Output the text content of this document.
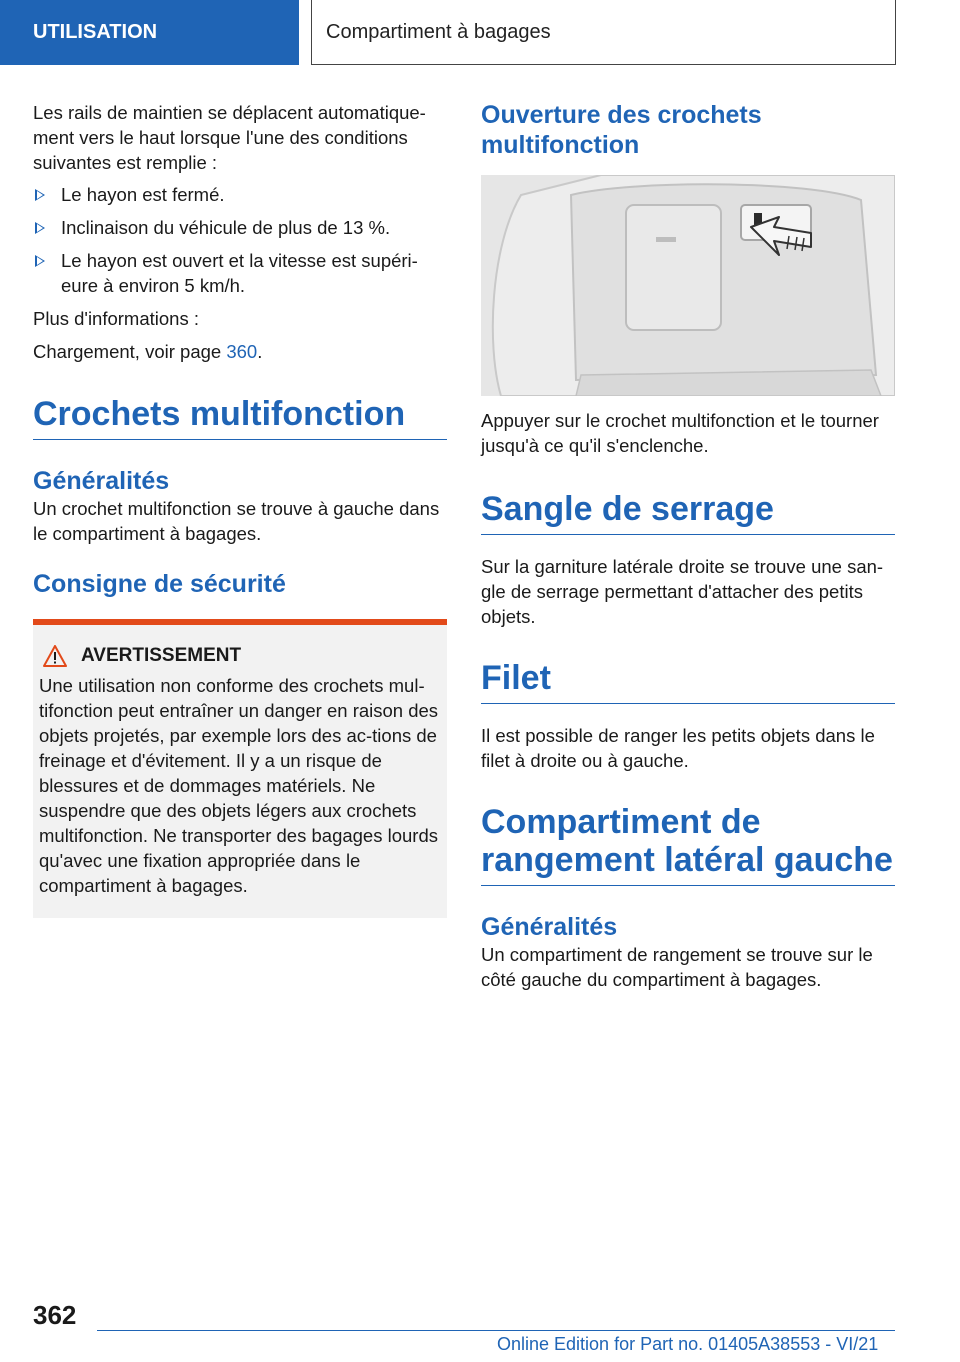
UTILISATION	Compartiment à bagages

Les rails de maintien se déplacent automatique-ment vers le haut lorsque l'une des conditions suivantes est remplie :

Le hayon est fermé.
Inclinaison du véhicule de plus de 13 %.
Le hayon est ouvert et la vitesse est supéri-eure à environ 5 km/h.

Plus d'informations :

Chargement, voir page 360.

Crochets multifonction
Généralités

Un crochet multifonction se trouve à gauche dans le compartiment à bagages.

Consigne de sécurité
AVERTISSEMENT

Une utilisation non conforme des crochets mul-tifonction peut entraîner un danger en raison des objets projetés, par exemple lors des ac-tions de freinage et d'évitement. Il y a un risque de blessures et de dommages matériels. Ne suspendre que des objets légers aux crochets multifonction. Ne transporter des bagages lourds qu'avec une fixation appropriée dans le compartiment à bagages.

Ouverture des crochets multifonction

Appuyer sur le crochet multifonction et le tourner jusqu'à ce qu'il s'enclenche.

Sangle de serrage

Sur la garniture latérale droite se trouve une san-gle de serrage permettant d'attacher des petits objets.

Filet

Il est possible de ranger les petits objets dans le filet à droite ou à gauche.

Compartiment de rangement latéral gauche
Généralités

Un compartiment de rangement se trouve sur le côté gauche du compartiment à bagages.

362
Online Edition for Part no. 01405A38553 - VI/21
